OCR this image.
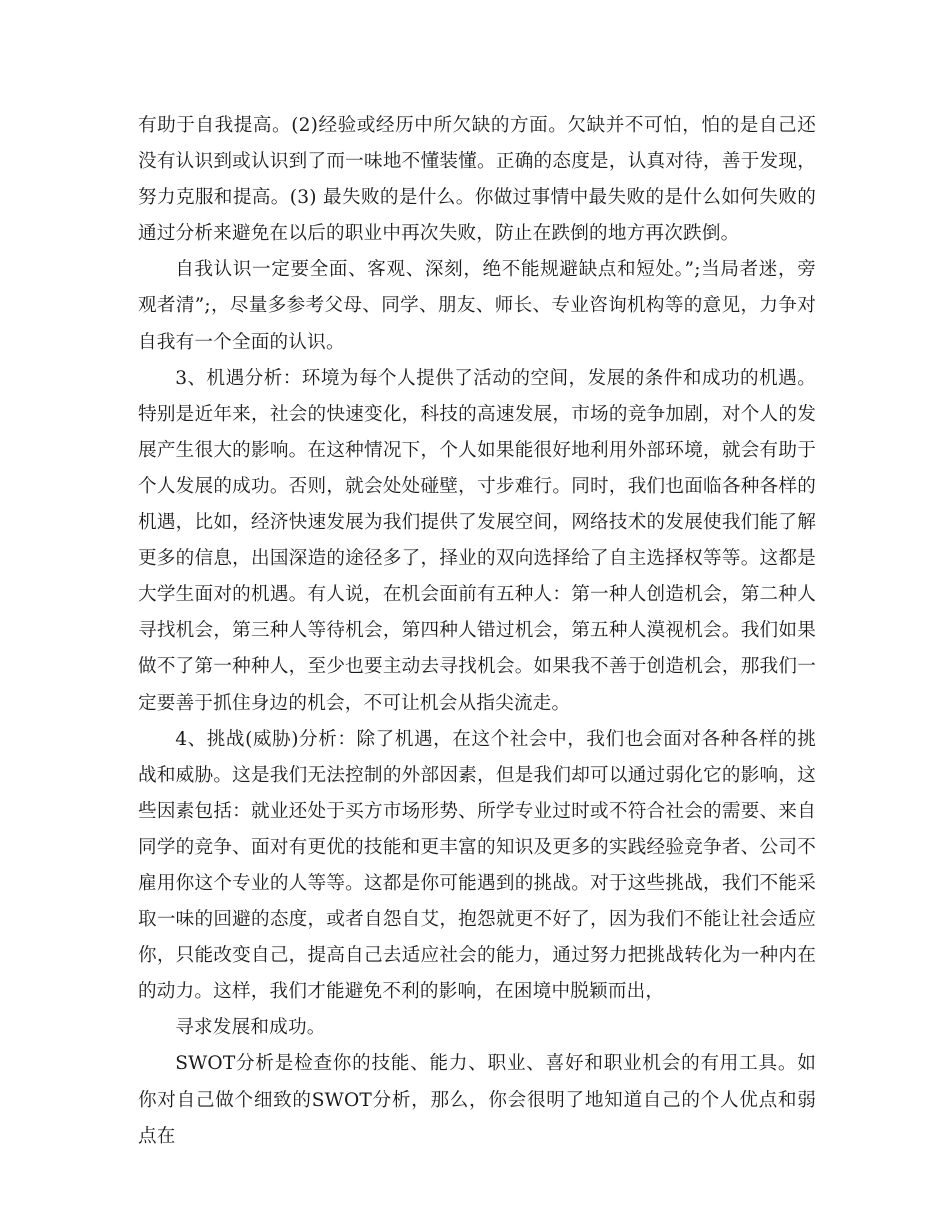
有助于自我提高。(2)经验或经历中所欠缺的方面。欠缺并不可怕，怕的是自己还没有认识到或认识到了而一味地不懂装懂。正确的态度是，认真对待，善于发现，努力克服和提高。(3) 最失败的是什么。你做过事情中最失败的是什么如何失败的通过分析来避免在以后的职业中再次失败，防止在跌倒的地方再次跌倒。

自我认识一定要全面、客观、深刻，绝不能规避缺点和短处。”;当局者迷，旁观者清”;，尽量多参考父母、同学、朋友、师长、专业咨询机构等的意见，力争对自我有一个全面的认识。

3、机遇分析：环境为每个人提供了活动的空间，发展的条件和成功的机遇。特别是近年来，社会的快速变化，科技的高速发展，市场的竞争加剧，对个人的发展产生很大的影响。在这种情况下，个人如果能很好地利用外部环境，就会有助于个人发展的成功。否则，就会处处碰壁，寸步难行。同时，我们也面临各种各样的机遇，比如，经济快速发展为我们提供了发展空间，网络技术的发展使我们能了解更多的信息，出国深造的途径多了，择业的双向选择给了自主选择权等等。这都是大学生面对的机遇。有人说，在机会面前有五种人：第一种人创造机会，第二种人寻找机会，第三种人等待机会，第四种人错过机会，第五种人漠视机会。我们如果做不了第一种种人，至少也要主动去寻找机会。如果我不善于创造机会，那我们一定要善于抓住身边的机会，不可让机会从指尖流走。

4、挑战(威胁)分析：除了机遇，在这个社会中，我们也会面对各种各样的挑战和威胁。这是我们无法控制的外部因素，但是我们却可以通过弱化它的影响，这些因素包括：就业还处于买方市场形势、所学专业过时或不符合社会的需要、来自同学的竞争、面对有更优的技能和更丰富的知识及更多的实践经验竞争者、公司不雇用你这个专业的人等等。这都是你可能遇到的挑战。对于这些挑战，我们不能采取一味的回避的态度，或者自怨自艾，抱怨就更不好了，因为我们不能让社会适应你，只能改变自己，提高自己去适应社会的能力，通过努力把挑战转化为一种内在的动力。这样，我们才能避免不利的影响，在困境中脱颖而出，

寻求发展和成功。

SWOT分析是检查你的技能、能力、职业、喜好和职业机会的有用工具。如你对自己做个细致的SWOT分析，那么，你会很明了地知道自己的个人优点和弱点在
